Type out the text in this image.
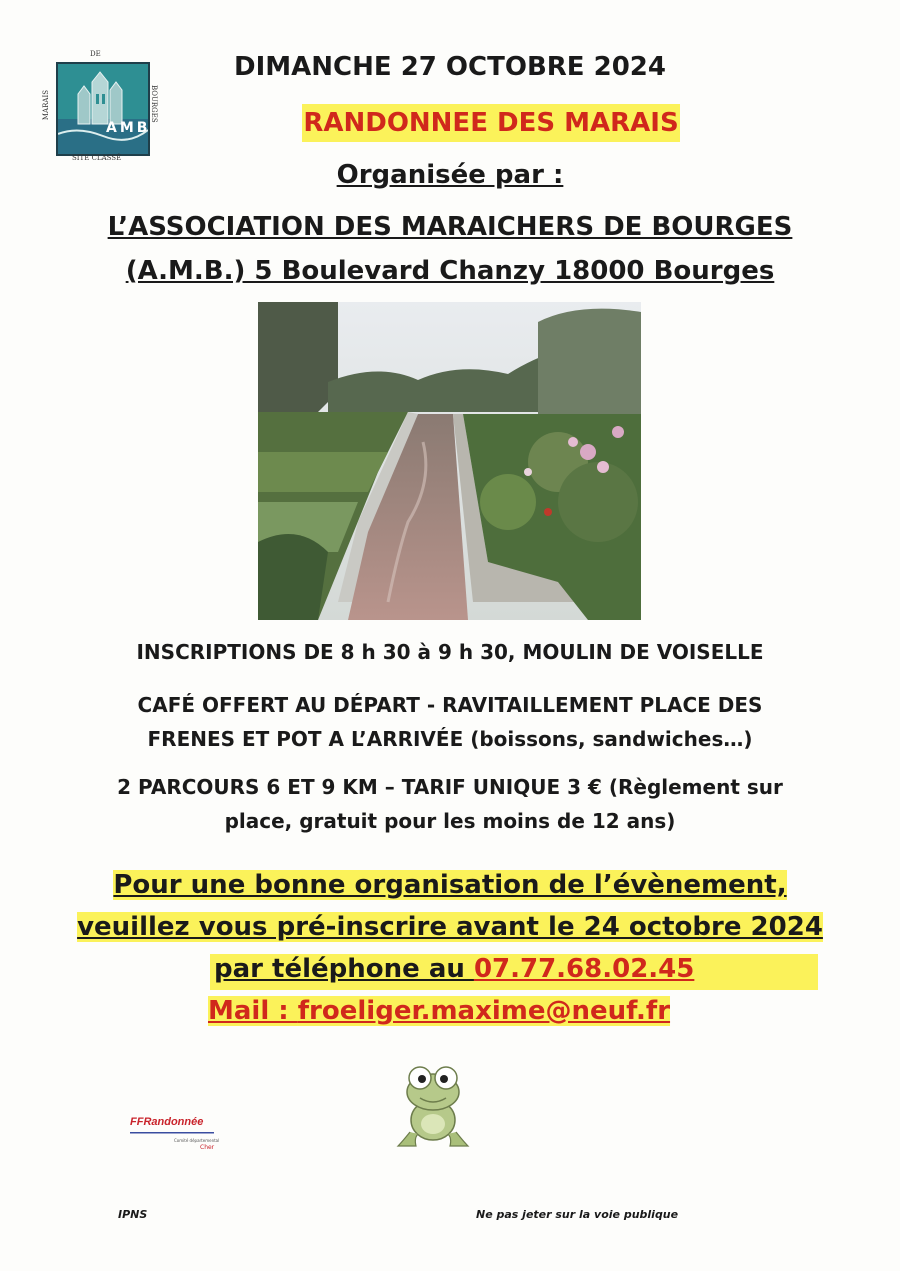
DE
MARAIS
AMB
BOURGES
SITE CLASSÉ
DIMANCHE 27 OCTOBRE 2024
RANDONNEE DES MARAIS
Organisée par :
L’ASSOCIATION DES MARAICHERS DE BOURGES
(A.M.B.) 5 Boulevard Chanzy 18000 Bourges
INSCRIPTIONS DE 8 h 30 à 9 h 30, MOULIN DE VOISELLE
CAFÉ OFFERT AU DÉPART - RAVITAILLEMENT PLACE DES
FRENES ET POT A L’ARRIVÉE (boissons, sandwiches…)
2 PARCOURS 6 ET 9 KM – TARIF UNIQUE 3 € (Règlement sur
place, gratuit pour les moins de 12 ans)
Pour une bonne organisation de l’évènement,
veuillez vous pré-inscrire avant le 24 octobre 2024
par téléphone au 07.77.68.02.45
Mail : froeliger.maxime@neuf.fr
FFRandonnée
Comité départemental
Cher
IPNS	Ne pas jeter sur la voie publique
